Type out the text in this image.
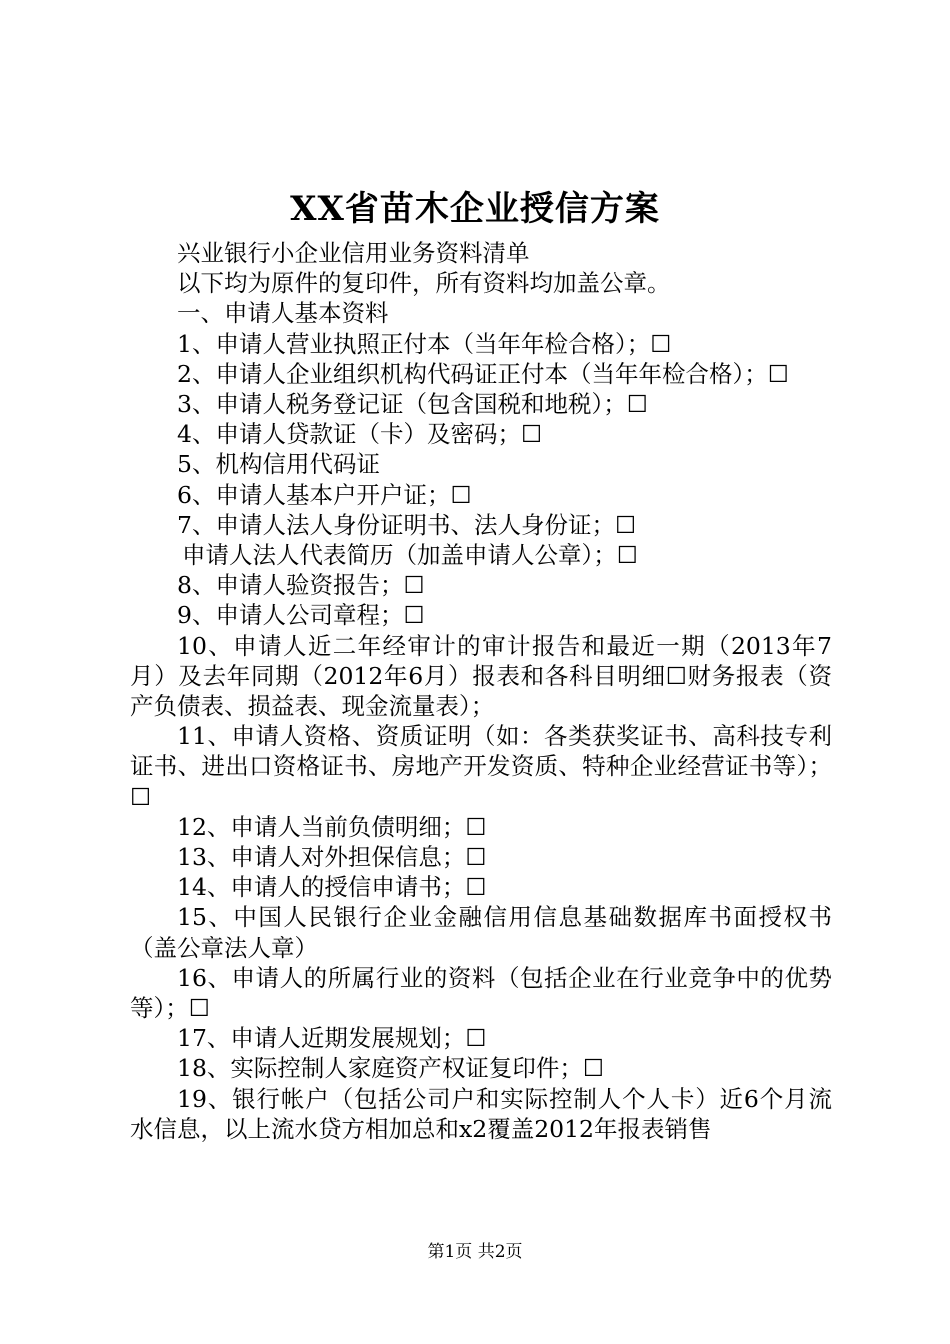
XX省苗木企业授信方案

兴业银行小企业信用业务资料清单

以下均为原件的复印件，所有资料均加盖公章。

一、申请人基本资料

1、申请人营业执照正付本（当年年检合格）；☐

2、申请人企业组织机构代码证正付本（当年年检合格）；☐

3、申请人税务登记证（包含国税和地税）；☐

4、申请人贷款证（卡）及密码；☐

5、机构信用代码证

6、申请人基本户开户证；☐

7、申请人法人身份证明书、法人身份证；☐

申请人法人代表简历（加盖申请人公章）；☐

8、申请人验资报告；☐

9、申请人公司章程；☐

10、申请人近二年经审计的审计报告和最近一期（2013年7月）及去年同期（2012年6月）报表和各科目明细☐财务报表（资产负债表、损益表、现金流量表）；

11、申请人资格、资质证明（如：各类获奖证书、高科技专利证书、进出口资格证书、房地产开发资质、特种企业经营证书等）；☐

12、申请人当前负债明细；☐

13、申请人对外担保信息；☐

14、申请人的授信申请书；☐

15、中国人民银行企业金融信用信息基础数据库书面授权书（盖公章法人章）

16、申请人的所属行业的资料（包括企业在行业竞争中的优势等）；☐

17、申请人近期发展规划；☐

18、实际控制人家庭资产权证复印件；☐

19、银行帐户（包括公司户和实际控制人个人卡）近6个月流水信息，以上流水贷方相加总和x2覆盖2012年报表销售

第1页 共2页
